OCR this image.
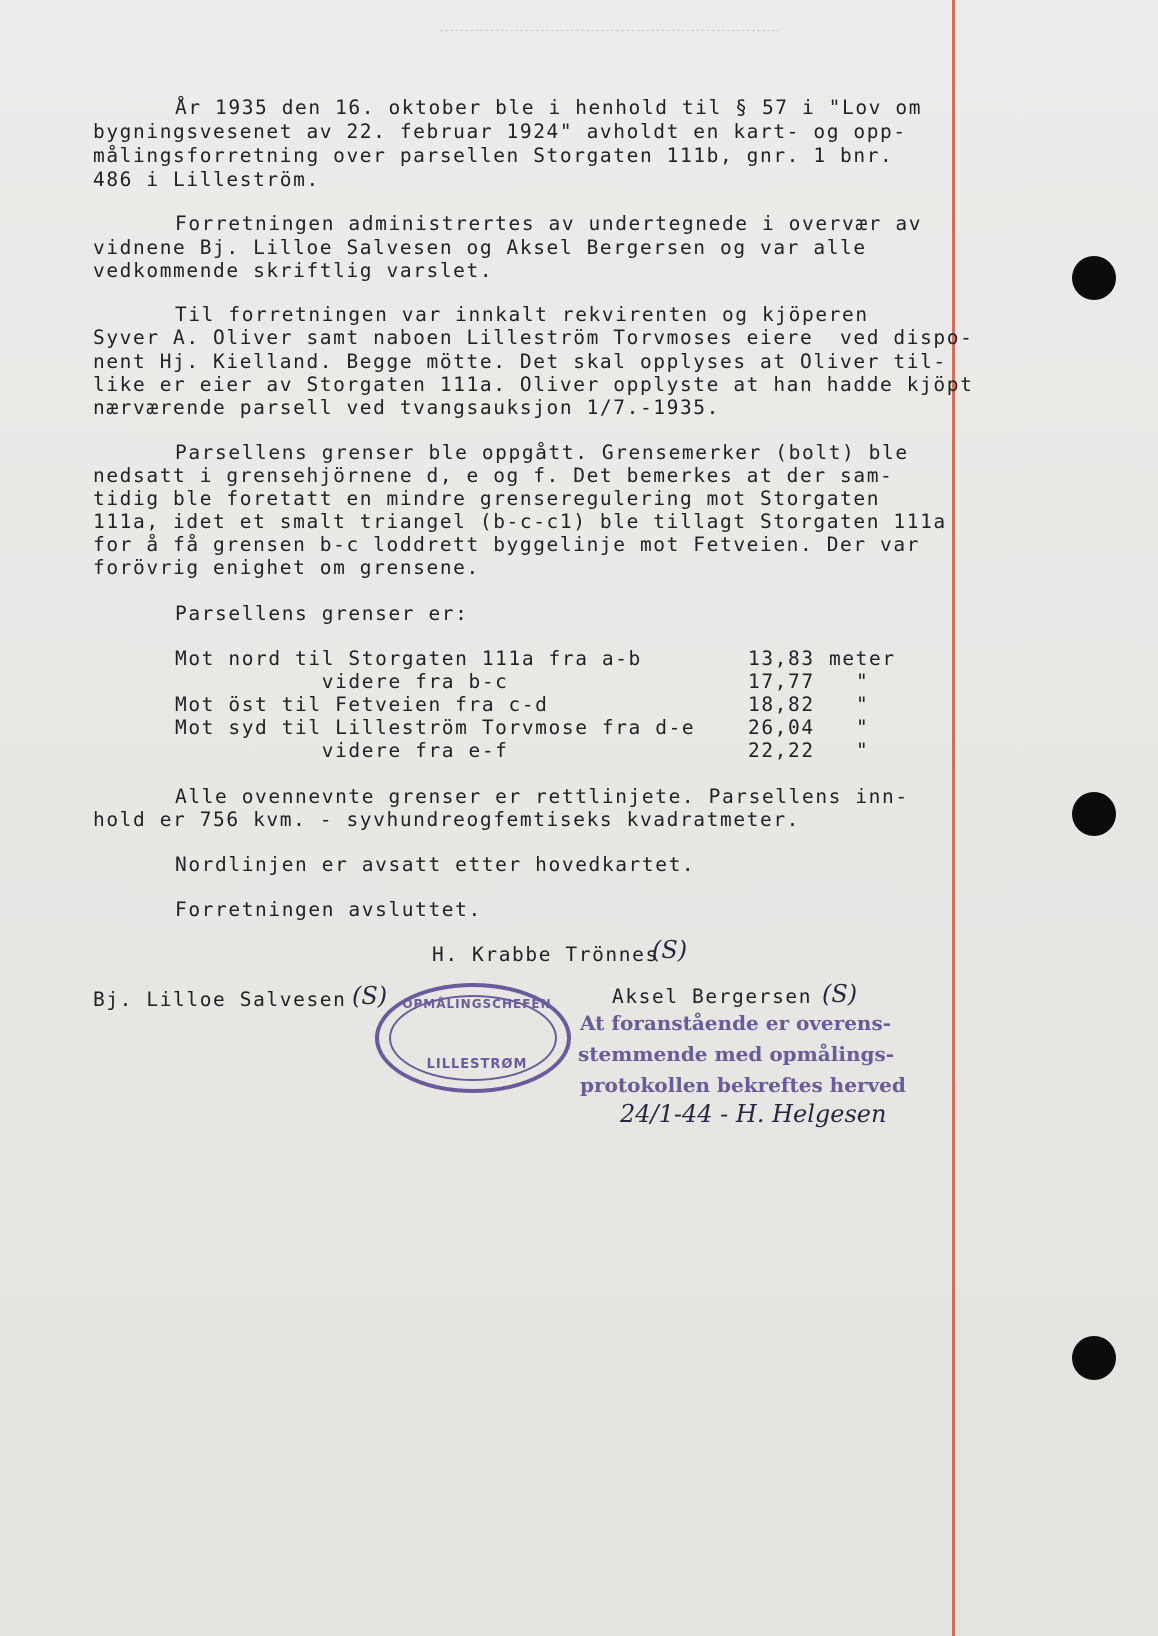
År 1935 den 16. oktober ble i henhold til § 57 i "Lov om
bygningsvesenet av 22. februar 1924" avholdt en kart- og opp-
målingsforretning over parsellen Storgaten 111b, gnr. 1 bnr.
486 i Lilleström.
Forretningen administrertes av undertegnede i overvær av
vidnene Bj. Lilloe Salvesen og Aksel Bergersen og var alle
vedkommende skriftlig varslet.
Til forretningen var innkalt rekvirenten og kjöperen
Syver A. Oliver samt naboen Lilleström Torvmoses eiere  ved dispo-
nent Hj. Kielland. Begge mötte. Det skal opplyses at Oliver til-
like er eier av Storgaten 111a. Oliver opplyste at han hadde kjöpt
nærværende parsell ved tvangsauksjon 1/7.-1935.
Parsellens grenser ble oppgått. Grensemerker (bolt) ble
nedsatt i grensehjörnene d, e og f. Det bemerkes at der sam-
tidig ble foretatt en mindre grenseregulering mot Storgaten
111a, idet et smalt triangel (b-c-c1) ble tillagt Storgaten 111a
for å få grensen b-c loddrett byggelinje mot Fetveien. Der var
forövrig enighet om grensene.
Parsellens grenser er:
Mot nord til Storgaten 111a fra a-b	13,83 meter
videre fra b-c	17,77 "
Mot öst til Fetveien fra c-d	18,82 "
Mot syd til Lilleström Torvmose fra d-e	26,04 "
videre fra e-f	22,22 "
Alle ovennevnte grenser er rettlinjete. Parsellens inn-
hold er 756 kvm. - syvhundreogfemtiseks kvadratmeter.
Nordlinjen er avsatt etter hovedkartet.
Forretningen avsluttet.
H. Krabbe Trönnes
(S)
Bj. Lilloe Salvesen (S)	Aksel Bergersen (S)
OPMÅLINGSCHEFEN
LILLESTRØM
At foranstående er overens-
stemmende med opmålings-
protokollen bekreftes herved
24/1-44 - H. Helgesen
